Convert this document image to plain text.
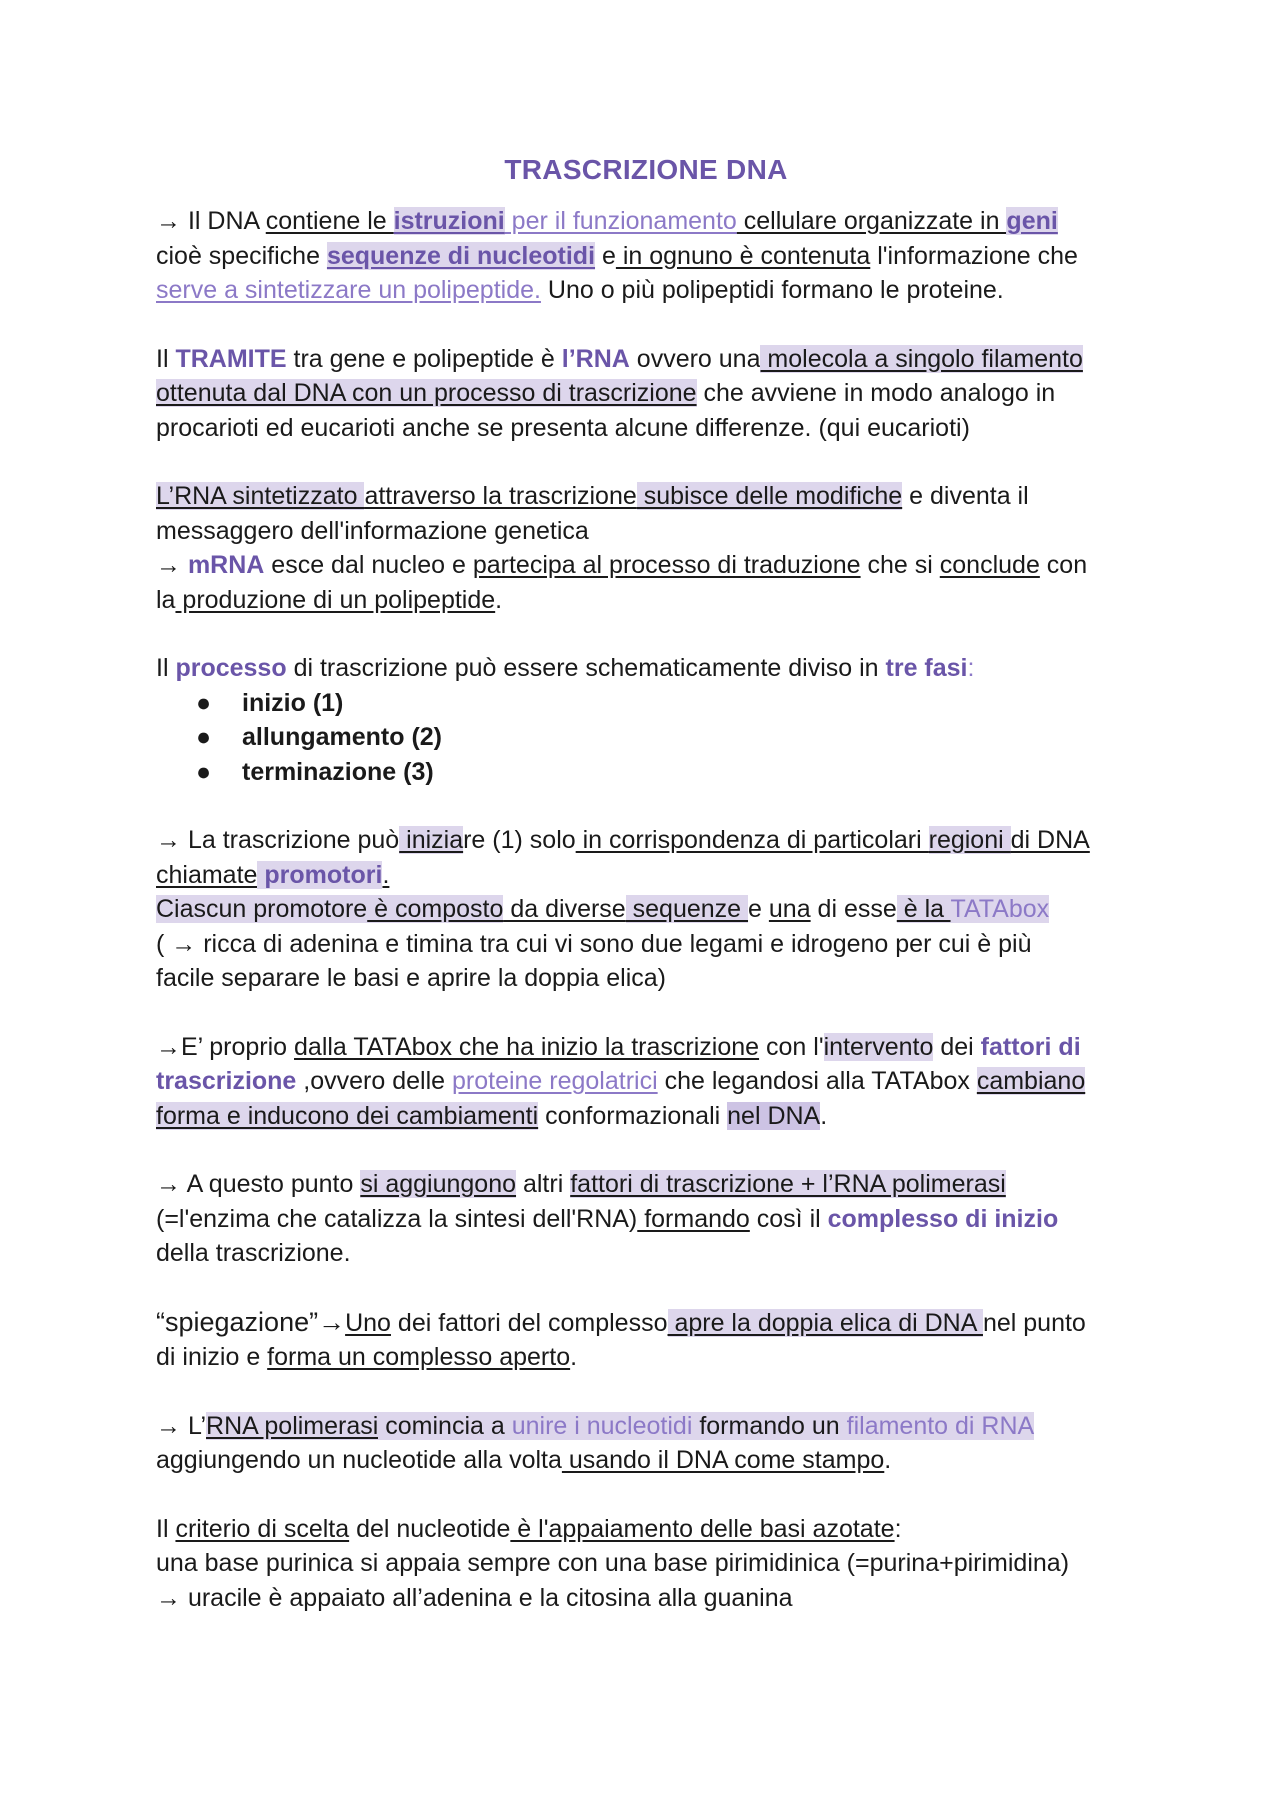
TRASCRIZIONE DNA

→ Il DNA contiene le istruzioni per il funzionamento cellulare organizzate in geni

cioè specifiche sequenze di nucleotidi e in ognuno è contenuta l'informazione che

serve a sintetizzare un polipeptide. Uno o più polipeptidi formano le proteine.

Il TRAMITE tra gene e polipeptide è l’RNA ovvero una molecola a singolo filamento

ottenuta dal DNA con un processo di trascrizione che avviene in modo analogo in

procarioti ed eucarioti anche se presenta alcune differenze. (qui eucarioti)

L’RNA sintetizzato attraverso la trascrizione subisce delle modifiche e diventa il

messaggero dell'informazione genetica

→ mRNA esce dal nucleo e partecipa al processo di traduzione che si conclude con

la produzione di un polipeptide.

Il processo di trascrizione può essere schematicamente diviso in tre fasi:

●	inizio (1)
●	allungamento (2)
●	terminazione (3)

→ La trascrizione può iniziare (1) solo in corrispondenza di particolari regioni di DNA

chiamate promotori.

Ciascun promotore è composto da diverse sequenze e una di esse è la TATAbox

( → ricca di adenina e timina tra cui vi sono due legami e idrogeno per cui è più

facile separare le basi e aprire la doppia elica)

→E’ proprio dalla TATAbox che ha inizio la trascrizione con l'intervento dei fattori di

trascrizione ,ovvero delle proteine regolatrici che legandosi alla TATAbox cambiano

forma e inducono dei cambiamenti conformazionali nel DNA.

→ A questo punto si aggiungono altri fattori di trascrizione + l’RNA polimerasi

(=l'enzima che catalizza la sintesi dell'RNA) formando così il complesso di inizio

della trascrizione.

“spiegazione”→Uno dei fattori del complesso apre la doppia elica di DNA nel punto

di inizio e forma un complesso aperto.

→ L’RNA polimerasi comincia a unire i nucleotidi formando un filamento di RNA

aggiungendo un nucleotide alla volta usando il DNA come stampo.

Il criterio di scelta del nucleotide è l'appaiamento delle basi azotate:

una base purinica si appaia sempre con una base pirimidinica (=purina+pirimidina)

→ uracile è appaiato all’adenina e la citosina alla guanina
